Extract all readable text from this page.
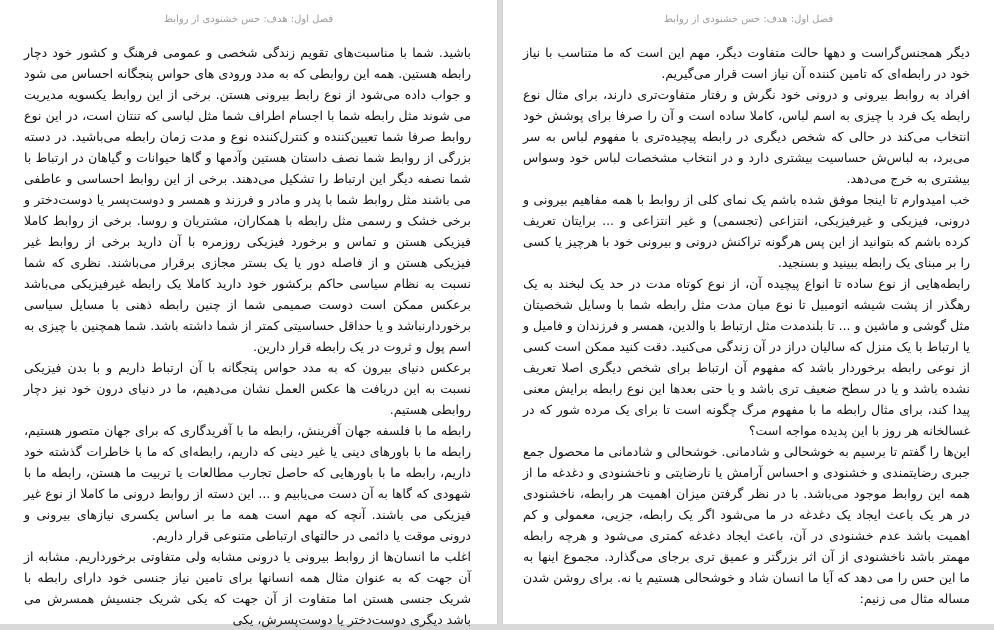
فصل اول: هدف: حس خشنودی از روابط

باشید. شما با مناسبت‌های تقویم زندگی شخصی و عمومی فرهنگ و کشور خود دچار رابطه هستین. همه این روابطی که به مدد ورودی های حواس پنجگانه احساس می شود و جواب داده می‌شود از نوع رابط بیرونی هستن. برخی از این روابط یکسویه مدیریت می شوند مثل رابطه شما با اجسام اطراف شما مثل لباسی که تنتان است، در این نوع روابط صرفا شما تعیین‌کننده و کنترل‌کننده نوع و مدت زمان رابطه می‌باشید. در دسته بزرگی از روابط شما نصف داستان هستین وآدمها و گاها حیوانات و گیاهان در ارتباط با شما نصفه دیگر این ارتباط را تشکیل می‌دهند. برخی از این روابط احساسی و عاطفی می باشند مثل روابط شما با پدر و مادر و فرزند و همسر و دوست‌پسر یا دوست‌دختر و برخی خشک و رسمی مثل رابطه با همکاران، مشتریان و روسا. برخی از روابط کاملا فیزیکی هستن و تماس و برخورد فیزیکی روزمره با آن دارید برخی از روابط غیر فیزیکی هستن و از فاصله دور یا یک بستر مجازی برقرار می‌باشند. نظری که شما نسبت به نظام سیاسی حاکم برکشور خود دارید کاملا یک رابطه غیرفیزیکی می‌باشد برعکس ممکن است دوست صمیمی شما از چنین رابطه ذهنی با مسایل سیاسی برخوردارنباشد و یا حداقل حساسیتی کمتر از شما داشته باشد. شما همچنین با چیزی به اسم پول و ثروت در یک رابطه قرار دارین.

برعکس دنیای بیرون که به مدد حواس پنجگانه با آن ارتباط داریم و با بدن فیزیکی نسبت به این دریافت ها عکس العمل نشان می‌دهیم، ما در دنیای درون خود نیز دچار روابطی هستیم.

رابطه ما با فلسفه جهان آفرینش، رابطه ما با آفریدگاری که برای جهان متصور هستیم، رابطه ما با باورهای دینی یا غیر دینی که داریم، رابطه‌ای که ما با خاطرات گذشته خود داریم، رابطه ما با باورهایی که حاصل تجارب مطالعات یا تربیت ما هستن، رابطه ما با شهودی که گاها به آن دست می‌یابیم و ... این دسته از روابط درونی ما کاملا از نوع غیر فیزیکی می باشند. آنچه که مهم است همه ما بر اساس یکسری نیازهای بیرونی و درونی موقت یا دائمی در حالتهای ارتباطی متنوعی قرار داریم.

اغلب ما انسان‌ها از روابط بیرونی یا درونی مشابه ولی متفاوتی برخورداریم. مشابه از آن جهت که به عنوان مثال همه انسانها برای تامین نیاز جنسی خود دارای رابطه با شریک جنسی هستن اما متفاوت از آن جهت که یکی شریک جنسیش همسرش می باشد دیگری دوست‌دختر یا دوست‌پسرش، یکی

فصل اول: هدف: حس خشنودی از روابط

دیگر همجنس‌گراست و دهها حالت متفاوت دیگر، مهم این است که ما متناسب با نیاز خود در رابطه‌ای که تامین کننده آن نیاز است قرار می‌گیریم.

افراد به روابط بیرونی و درونی خود نگرش و رفتار متفاوت‌تری دارند، برای مثال نوع رابطه یک فرد با چیزی به اسم لباس، کاملا ساده است و آن را صرفا برای پوشش خود انتخاب می‌کند در حالی که شخص دیگری در رابطه پیچیده‌تری با مفهوم لباس به سر می‌برد، به لباس‌ش حساسیت بیشتری دارد و در انتخاب مشخصات لباس خود وسواس بیشتری به خرج می‌دهد.

خب امیدوارم تا اینجا موفق شده باشم یک نمای کلی از روابط با همه مفاهیم بیرونی و درونی، فیزیکی و غیرفیزیکی، انتزاعی (تجسمی) و غیر انتزاعی و ... برایتان تعریف کرده باشم که بتوانید از این پس هرگونه تراکنش درونی و بیرونی خود با هرچیز یا کسی را بر مبنای یک رابطه ببینید و بسنجید.

رابطه‌هایی از نوع ساده تا انواع پیچیده آن، از نوع کوتاه مدت در حد یک لبخند به یک رهگذر از پشت شیشه اتومبیل تا نوع میان مدت مثل رابطه شما با وسایل شخصیتان مثل گوشی و ماشین و ... تا بلندمدت مثل ارتباط با والدین، همسر و فرزندان و فامیل و یا ارتباط با یک منزل که سالیان دراز در آن زندگی می‌کنید. دقت کنید ممکن است کسی از نوعی رابطه برخوردار باشد که مفهوم آن ارتباط برای شخص دیگری اصلا تعریف نشده باشد و یا در سطح ضعیف تری باشد و یا حتی بعدها این نوع رابطه برایش معنی پیدا کند، برای مثال رابطه ما با مفهوم مرگ چگونه است تا برای یک مرده شور که در غسالخانه هر روز با این پدیده مواجه است؟

این‌ها را گفتم تا برسیم به خوشحالی و شادمانی. خوشحالی و شادمانی ما محصول جمع جبری رضایتمندی و خشنودی و احساس آرامش یا نارضایتی و ناخشنودی و دغدغه ما از همه این روابط موجود می‌باشد. با در نظر گرفتن میزان اهمیت هر رابطه، ناخشنودی در هر یک باعث ایجاد یک دغدغه در ما می‌شود اگر یک رابطه، جزیی، معمولی و کم اهمیت باشد عدم خشنودی در آن، باعث ایجاد دغدغه کمتری می‌شود و هرچه رابطه مهمتر باشد ناخشنودی از آن اثر بزرگتر و عمیق تری برجای می‌گذارد. مجموع اینها به ما این حس را می دهد که آیا ما انسان شاد و خوشحالی هستیم یا نه. برای روشن شدن مساله مثال می زنیم:
